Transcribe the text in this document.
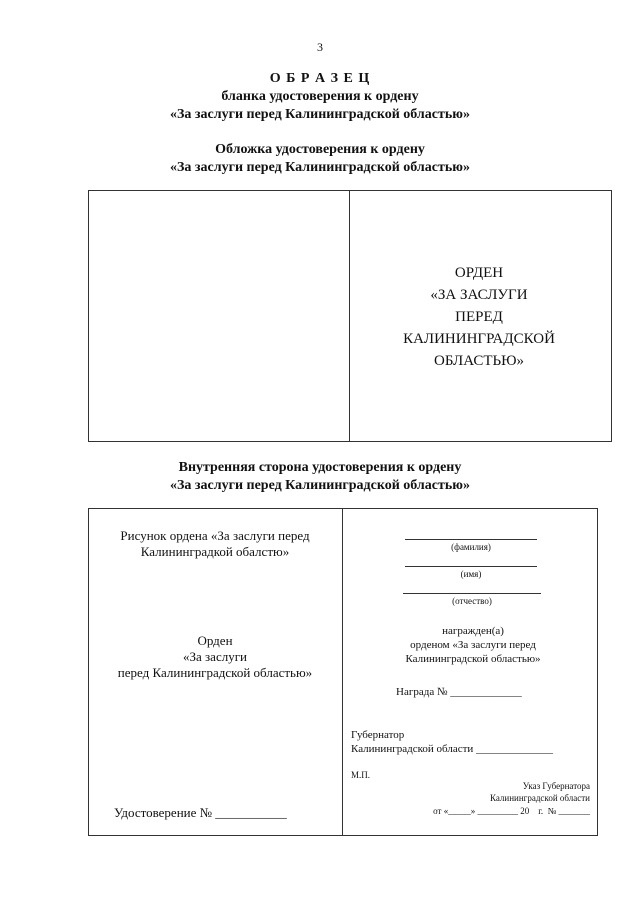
3
О Б Р А З Е Ц
бланка удостоверения к ордену
«За заслуги перед Калининградской областью»
Обложка удостоверения к ордену
«За заслуги перед Калининградской областью»
ОРДЕН
«ЗА ЗАСЛУГИ
ПЕРЕД
КАЛИНИНГРАДСКОЙ
ОБЛАСТЬЮ»
Внутренняя сторона удостоверения к ордену
«За заслуги перед Калининградской областью»
Рисунок ордена «За заслуги перед
Калининградкой обалстю»
Орден
«За заслуги
перед Калининградской областью»
Удостоверение № ___________
(фамилия)
(имя)
(отчество)
награжден(а)
орденом «За заслуги перед
Калининградской областью»
Награда № _____________
Губернатор
Калининградской области ______________
М.П.
Указ Губернатора
Калининградской области
от «_____» _________ 20    г.  № _______
